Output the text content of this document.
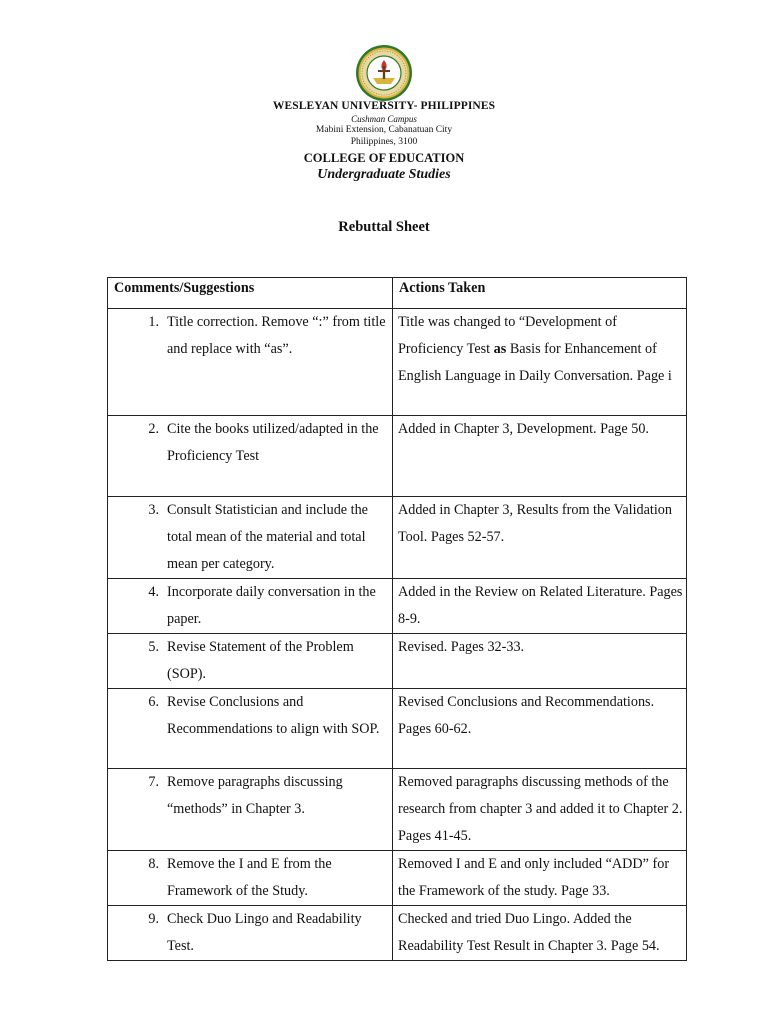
WESLEYAN UNIVERSITY- PHILIPPINES

Cushman Campus

Mabini Extension, Cabanatuan City

Philippines, 3100

COLLEGE OF EDUCATION

Undergraduate Studies

Rebuttal Sheet

Comments/Suggestions	Actions Taken

1. Title correction. Remove “:” from title and replace with “as”.	Title was changed to “Development of Proficiency Test as Basis for Enhancement of English Language in Daily Conversation. Page i

2. Cite the books utilized/adapted in the Proficiency Test	Added in Chapter 3, Development. Page 50.

3. Consult Statistician and include the total mean of the material and total mean per category.	Added in Chapter 3, Results from the Validation Tool. Pages 52-57.

4. Incorporate daily conversation in the paper.	Added in the Review on Related Literature. Pages 8-9.

5. Revise Statement of the Problem (SOP).	Revised. Pages 32-33.

6. Revise Conclusions and Recommendations to align with SOP.	Revised Conclusions and Recommendations. Pages 60-62.

7. Remove paragraphs discussing “methods” in Chapter 3.	Removed paragraphs discussing methods of the research from chapter 3 and added it to Chapter 2. Pages 41-45.

8. Remove the I and E from the Framework of the Study.	Removed I and E and only included “ADD” for the Framework of the study. Page 33.

9. Check Duo Lingo and Readability Test.	Checked and tried Duo Lingo. Added the Readability Test Result in Chapter 3. Page 54.
